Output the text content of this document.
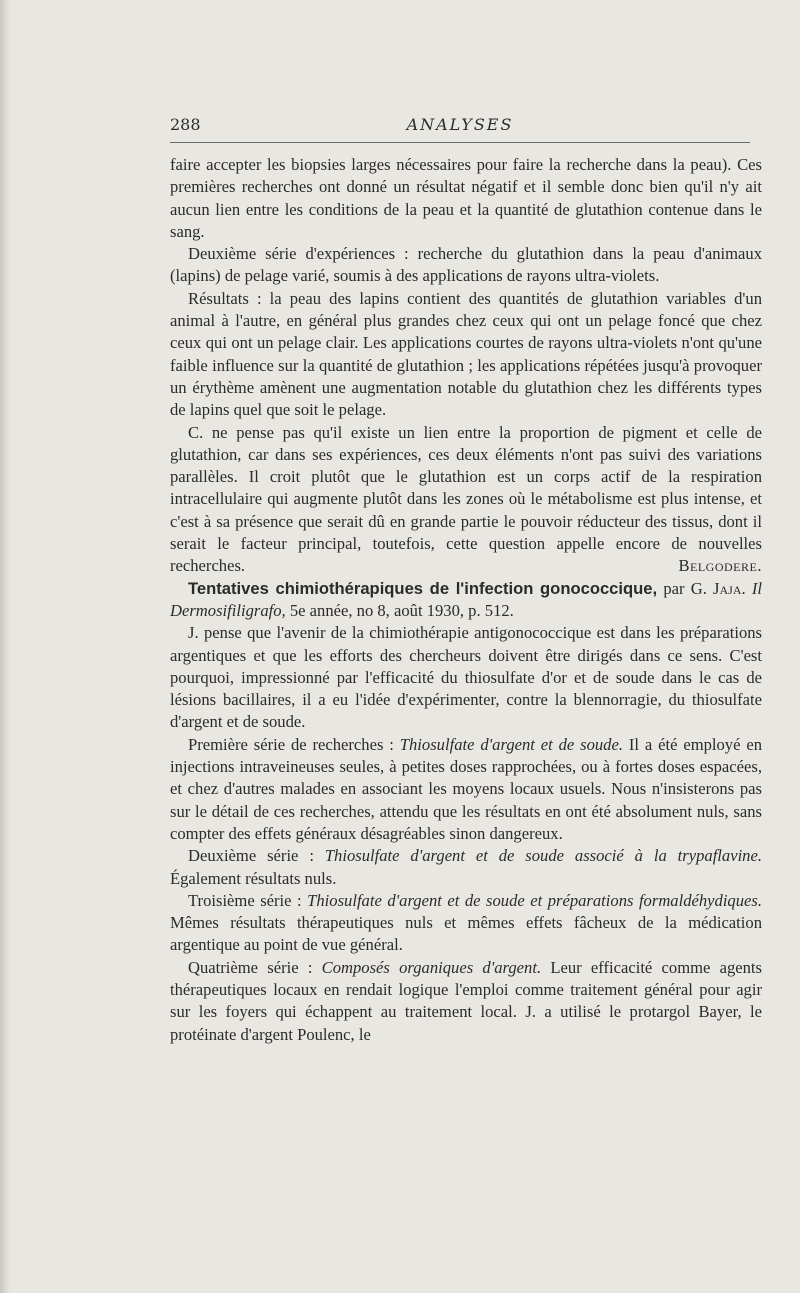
288	ANALYSES

faire accepter les biopsies larges nécessaires pour faire la recherche dans la peau). Ces premières recherches ont donné un résultat négatif et il semble donc bien qu'il n'y ait aucun lien entre les conditions de la peau et la quantité de glutathion contenue dans le sang.

Deuxième série d'expériences : recherche du glutathion dans la peau d'animaux (lapins) de pelage varié, soumis à des applications de rayons ultra-violets.

Résultats : la peau des lapins contient des quantités de glutathion variables d'un animal à l'autre, en général plus grandes chez ceux qui ont un pelage foncé que chez ceux qui ont un pelage clair. Les applications courtes de rayons ultra-violets n'ont qu'une faible influence sur la quantité de glutathion ; les applications répétées jusqu'à provoquer un érythème amènent une augmentation notable du glutathion chez les différents types de lapins quel que soit le pelage.

C. ne pense pas qu'il existe un lien entre la proportion de pigment et celle de glutathion, car dans ses expériences, ces deux éléments n'ont pas suivi des variations parallèles. Il croit plutôt que le glutathion est un corps actif de la respiration intracellulaire qui augmente plutôt dans les zones où le métabolisme est plus intense, et c'est à sa présence que serait dû en grande partie le pouvoir réducteur des tissus, dont il serait le facteur principal, toutefois, cette question appelle encore de nouvelles recherches.	Belgodere.

Tentatives chimiothérapiques de l'infection gonococcique, par G. Jaja. Il Dermosifiligrafo, 5e année, no 8, août 1930, p. 512.

J. pense que l'avenir de la chimiothérapie antigonococcique est dans les préparations argentiques et que les efforts des chercheurs doivent être dirigés dans ce sens. C'est pourquoi, impressionné par l'efficacité du thiosulfate d'or et de soude dans le cas de lésions bacillaires, il a eu l'idée d'expérimenter, contre la blennorragie, du thiosulfate d'argent et de soude.

Première série de recherches : Thiosulfate d'argent et de soude. Il a été employé en injections intraveineuses seules, à petites doses rapprochées, ou à fortes doses espacées, et chez d'autres malades en associant les moyens locaux usuels. Nous n'insisterons pas sur le détail de ces recherches, attendu que les résultats en ont été absolument nuls, sans compter des effets généraux désagréables sinon dangereux.

Deuxième série : Thiosulfate d'argent et de soude associé à la trypaflavine. Également résultats nuls.

Troisième série : Thiosulfate d'argent et de soude et préparations formaldéhydiques. Mêmes résultats thérapeutiques nuls et mêmes effets fâcheux de la médication argentique au point de vue général.

Quatrième série : Composés organiques d'argent. Leur efficacité comme agents thérapeutiques locaux en rendait logique l'emploi comme traitement général pour agir sur les foyers qui échappent au traitement local. J. a utilisé le protargol Bayer, le protéinate d'argent Poulenc, le
